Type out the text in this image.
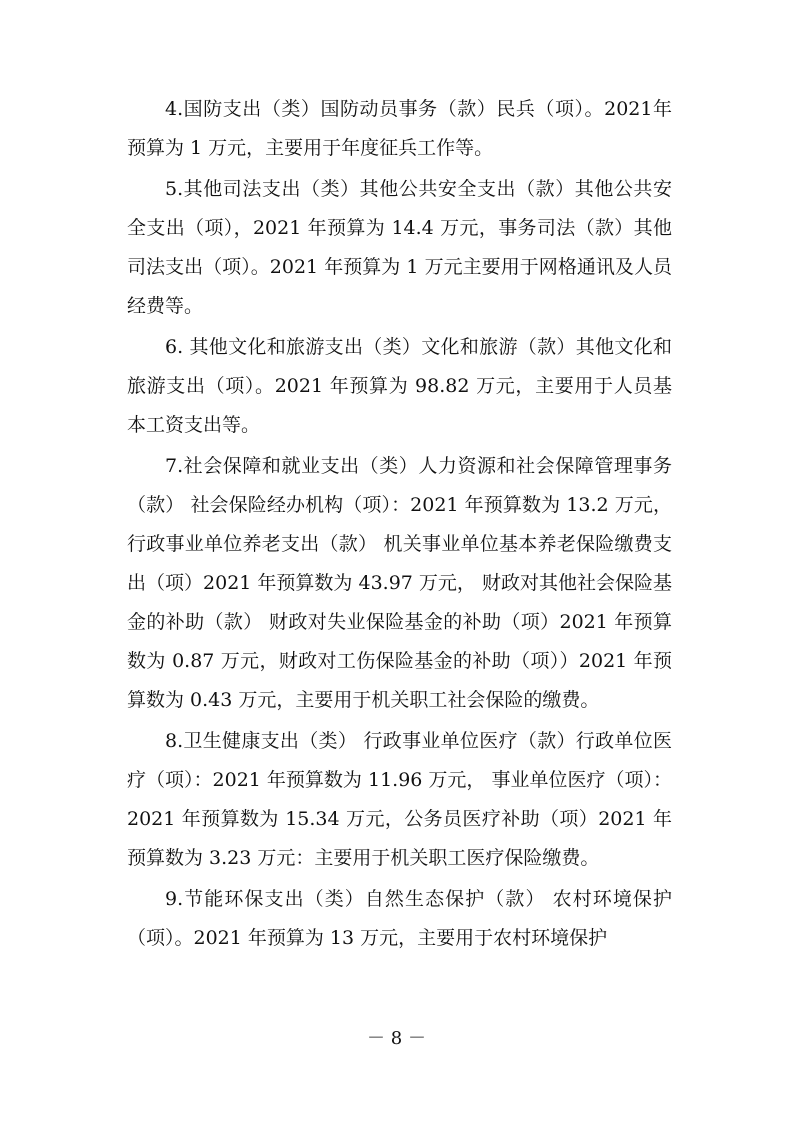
4.国防支出（类）国防动员事务（款）民兵（项）。2021年预算为 1 万元，主要用于年度征兵工作等。

5.其他司法支出（类）其他公共安全支出（款）其他公共安全支出（项），2021 年预算为 14.4 万元，事务司法（款）其他司法支出（项）。2021 年预算为 1 万元主要用于网格通讯及人员经费等。

6. 其他文化和旅游支出（类）文化和旅游（款）其他文化和旅游支出（项）。2021 年预算为 98.82 万元，主要用于人员基本工资支出等。

7.社会保障和就业支出（类）人力资源和社会保障管理事务（款） 社会保险经办机构（项）：2021 年预算数为 13.2 万元，行政事业单位养老支出（款） 机关事业单位基本养老保险缴费支出（项）2021 年预算数为 43.97 万元， 财政对其他社会保险基金的补助（款） 财政对失业保险基金的补助（项）2021 年预算数为 0.87 万元，财政对工伤保险基金的补助（项））2021 年预算数为 0.43 万元，主要用于机关职工社会保险的缴费。

8.卫生健康支出（类） 行政事业单位医疗（款）行政单位医疗（项）：2021 年预算数为 11.96 万元， 事业单位医疗（项）：2021 年预算数为 15.34 万元，公务员医疗补助（项）2021 年预算数为 3.23 万元：主要用于机关职工医疗保险缴费。

9.节能环保支出（类）自然生态保护（款） 农村环境保护（项）。2021 年预算为 13 万元，主要用于农村环境保护

－ 8 －
